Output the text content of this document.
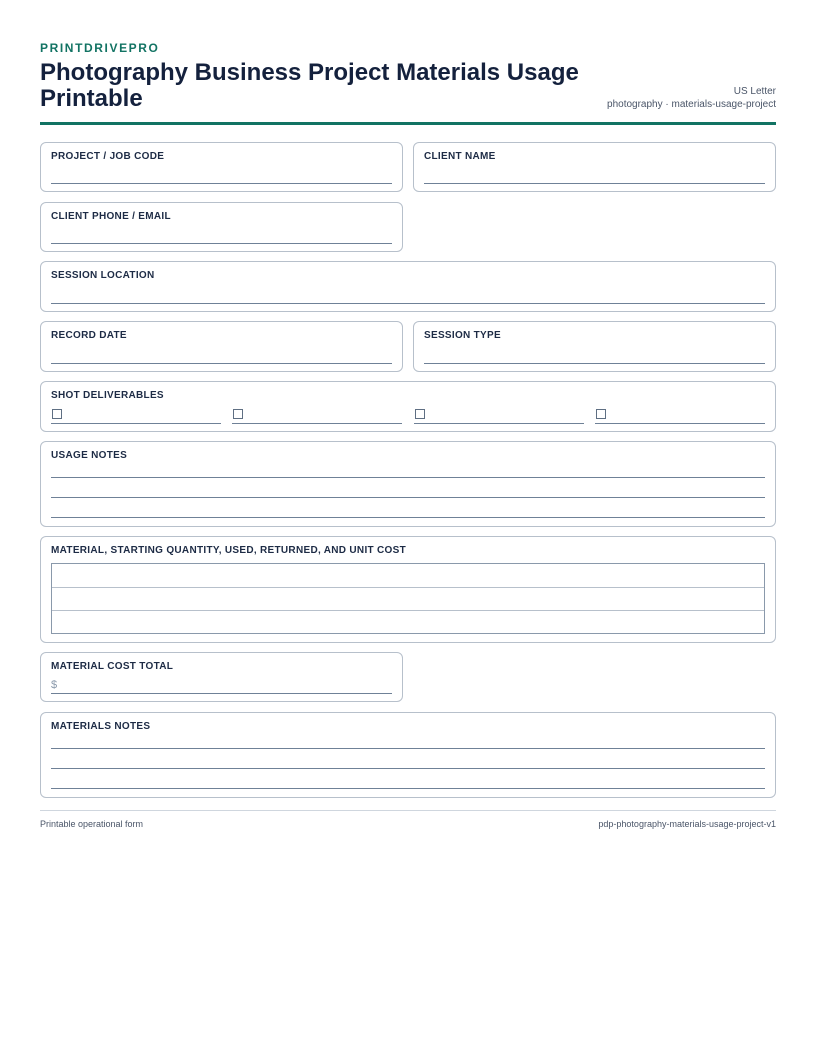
PRINTDRIVEPRO
Photography Business Project Materials Usage Printable	US Letter
photography · materials-usage-project
PROJECT / JOB CODE	CLIENT NAME
CLIENT PHONE / EMAIL
SESSION LOCATION
RECORD DATE	SESSION TYPE
SHOT DELIVERABLES
USAGE NOTES
MATERIAL, STARTING QUANTITY, USED, RETURNED, AND UNIT COST
MATERIAL COST TOTAL
$
MATERIALS NOTES
Printable operational form	pdp-photography-materials-usage-project-v1
